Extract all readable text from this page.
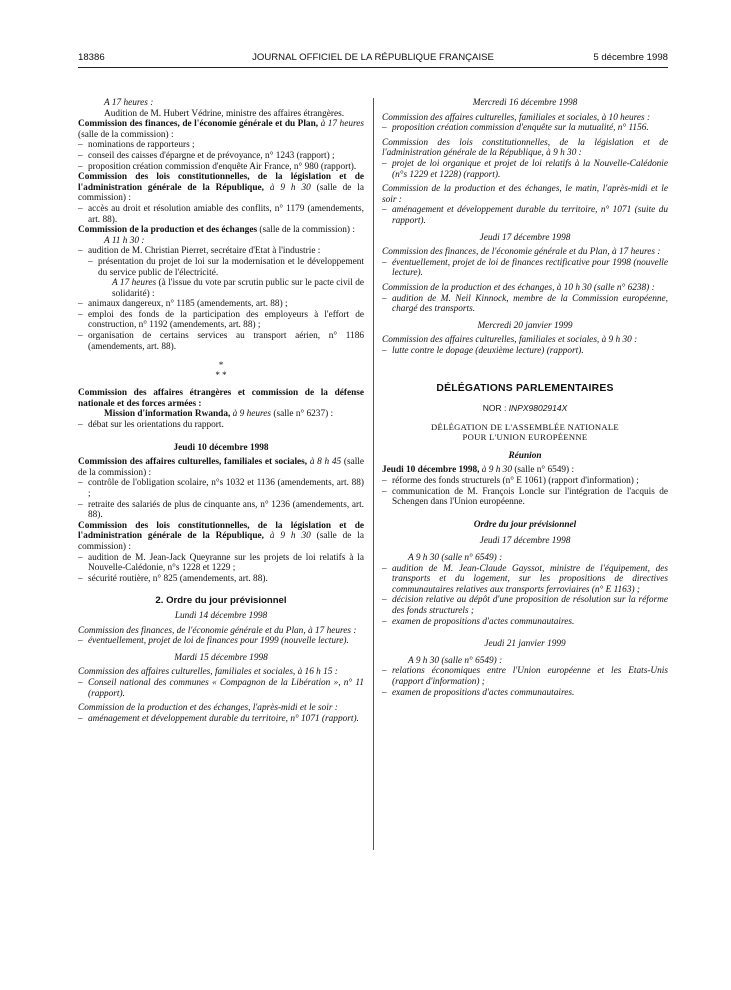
18386	JOURNAL OFFICIEL DE LA RÉPUBLIQUE FRANÇAISE	5 décembre 1998

A 17 heures :

Audition de M. Hubert Védrine, ministre des affaires étrangères.

Commission des finances, de l'économie générale et du Plan, à 17 heures (salle de la commission) :

– nominations de rapporteurs ;

– conseil des caisses d'épargne et de prévoyance, n° 1243 (rapport) ;

– proposition création commission d'enquête Air France, n° 980 (rapport).

Commission des lois constitutionnelles, de la législation et de l'administration générale de la République, à 9 h 30 (salle de la commission) :

– accès au droit et résolution amiable des conflits, n° 1179 (amendements, art. 88).

Commission de la production et des échanges (salle de la commission) :

A 11 h 30 :

– audition de M. Christian Pierret, secrétaire d'Etat à l'industrie :

– présentation du projet de loi sur la modernisation et le développement du service public de l'électricité.

A 17 heures (à l'issue du vote par scrutin public sur le pacte civil de solidarité) :

– animaux dangereux, n° 1185 (amendements, art. 88) ;

– emploi des fonds de la participation des employeurs à l'effort de construction, n° 1192 (amendements, art. 88) ;

– organisation de certains services au transport aérien, n° 1186 (amendements, art. 88).

*
* *

Commission des affaires étrangères et commission de la défense nationale et des forces armées :

Mission d'information Rwanda, à 9 heures (salle n° 6237) :

– débat sur les orientations du rapport.

Jeudi 10 décembre 1998

Commission des affaires culturelles, familiales et sociales, à 8 h 45 (salle de la commission) :

– contrôle de l'obligation scolaire, n°s 1032 et 1136 (amendements, art. 88) ;

– retraite des salariés de plus de cinquante ans, n° 1236 (amendements, art. 88).

Commission des lois constitutionnelles, de la législation et de l'administration générale de la République, à 9 h 30 (salle de la commission) :

– audition de M. Jean-Jack Queyranne sur les projets de loi relatifs à la Nouvelle-Calédonie, n°s 1228 et 1229 ;

– sécurité routière, n° 825 (amendements, art. 88).

2. Ordre du jour prévisionnel

Lundi 14 décembre 1998

Commission des finances, de l'économie générale et du Plan, à 17 heures :

– éventuellement, projet de loi de finances pour 1999 (nouvelle lecture).

Mardi 15 décembre 1998

Commission des affaires culturelles, familiales et sociales, à 16 h 15 :

– Conseil national des communes « Compagnon de la Libération », n° 11 (rapport).

Commission de la production et des échanges, l'après-midi et le soir :

– aménagement et développement durable du territoire, n° 1071 (rapport).

Mercredi 16 décembre 1998

Commission des affaires culturelles, familiales et sociales, à 10 heures :

– proposition création commission d'enquête sur la mutualité, n° 1156.

Commission des lois constitutionnelles, de la législation et de l'administration générale de la République, à 9 h 30 :

– projet de loi organique et projet de loi relatifs à la Nouvelle-Calédonie (n°s 1229 et 1228) (rapport).

Commission de la production et des échanges, le matin, l'après-midi et le soir :

– aménagement et développement durable du territoire, n° 1071 (suite du rapport).

Jeudi 17 décembre 1998

Commission des finances, de l'économie générale et du Plan, à 17 heures :

– éventuellement, projet de loi de finances rectificative pour 1998 (nouvelle lecture).

Commission de la production et des échanges, à 10 h 30 (salle n° 6238) :

– audition de M. Neil Kinnock, membre de la Commission européenne, chargé des transports.

Mercredi 20 janvier 1999

Commission des affaires culturelles, familiales et sociales, à 9 h 30 :

– lutte contre le dopage (deuxième lecture) (rapport).

DÉLÉGATIONS PARLEMENTAIRES

NOR : INPX9802914X

DÉLÉGATION DE L'ASSEMBLÉE NATIONALE

POUR L'UNION EUROPÉENNE

Réunion

Jeudi 10 décembre 1998, à 9 h 30 (salle n° 6549) :

– réforme des fonds structurels (n° E 1061) (rapport d'information) ;

– communication de M. François Loncle sur l'intégration de l'acquis de Schengen dans l'Union européenne.

Ordre du jour prévisionnel

Jeudi 17 décembre 1998

A 9 h 30 (salle n° 6549) :

– audition de M. Jean-Claude Gayssot, ministre de l'équipement, des transports et du logement, sur les propositions de directives communautaires relatives aux transports ferroviaires (n° E 1163) ;

– décision relative au dépôt d'une proposition de résolution sur la réforme des fonds structurels ;

– examen de propositions d'actes communautaires.

Jeudi 21 janvier 1999

A 9 h 30 (salle n° 6549) :

– relations économiques entre l'Union européenne et les Etats-Unis (rapport d'information) ;

– examen de propositions d'actes communautaires.
